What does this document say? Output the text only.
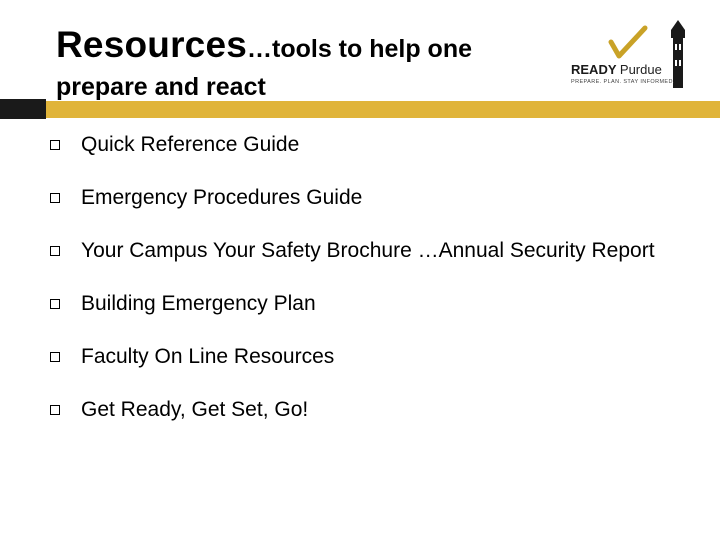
Resources…tools to help one
prepare and react
READY Purdue
PREPARE. PLAN. STAY INFORMED.
Quick Reference Guide
Emergency Procedures Guide
Your Campus Your Safety Brochure …Annual Security Report
Building Emergency Plan
Faculty On Line Resources
Get Ready, Get Set, Go!
